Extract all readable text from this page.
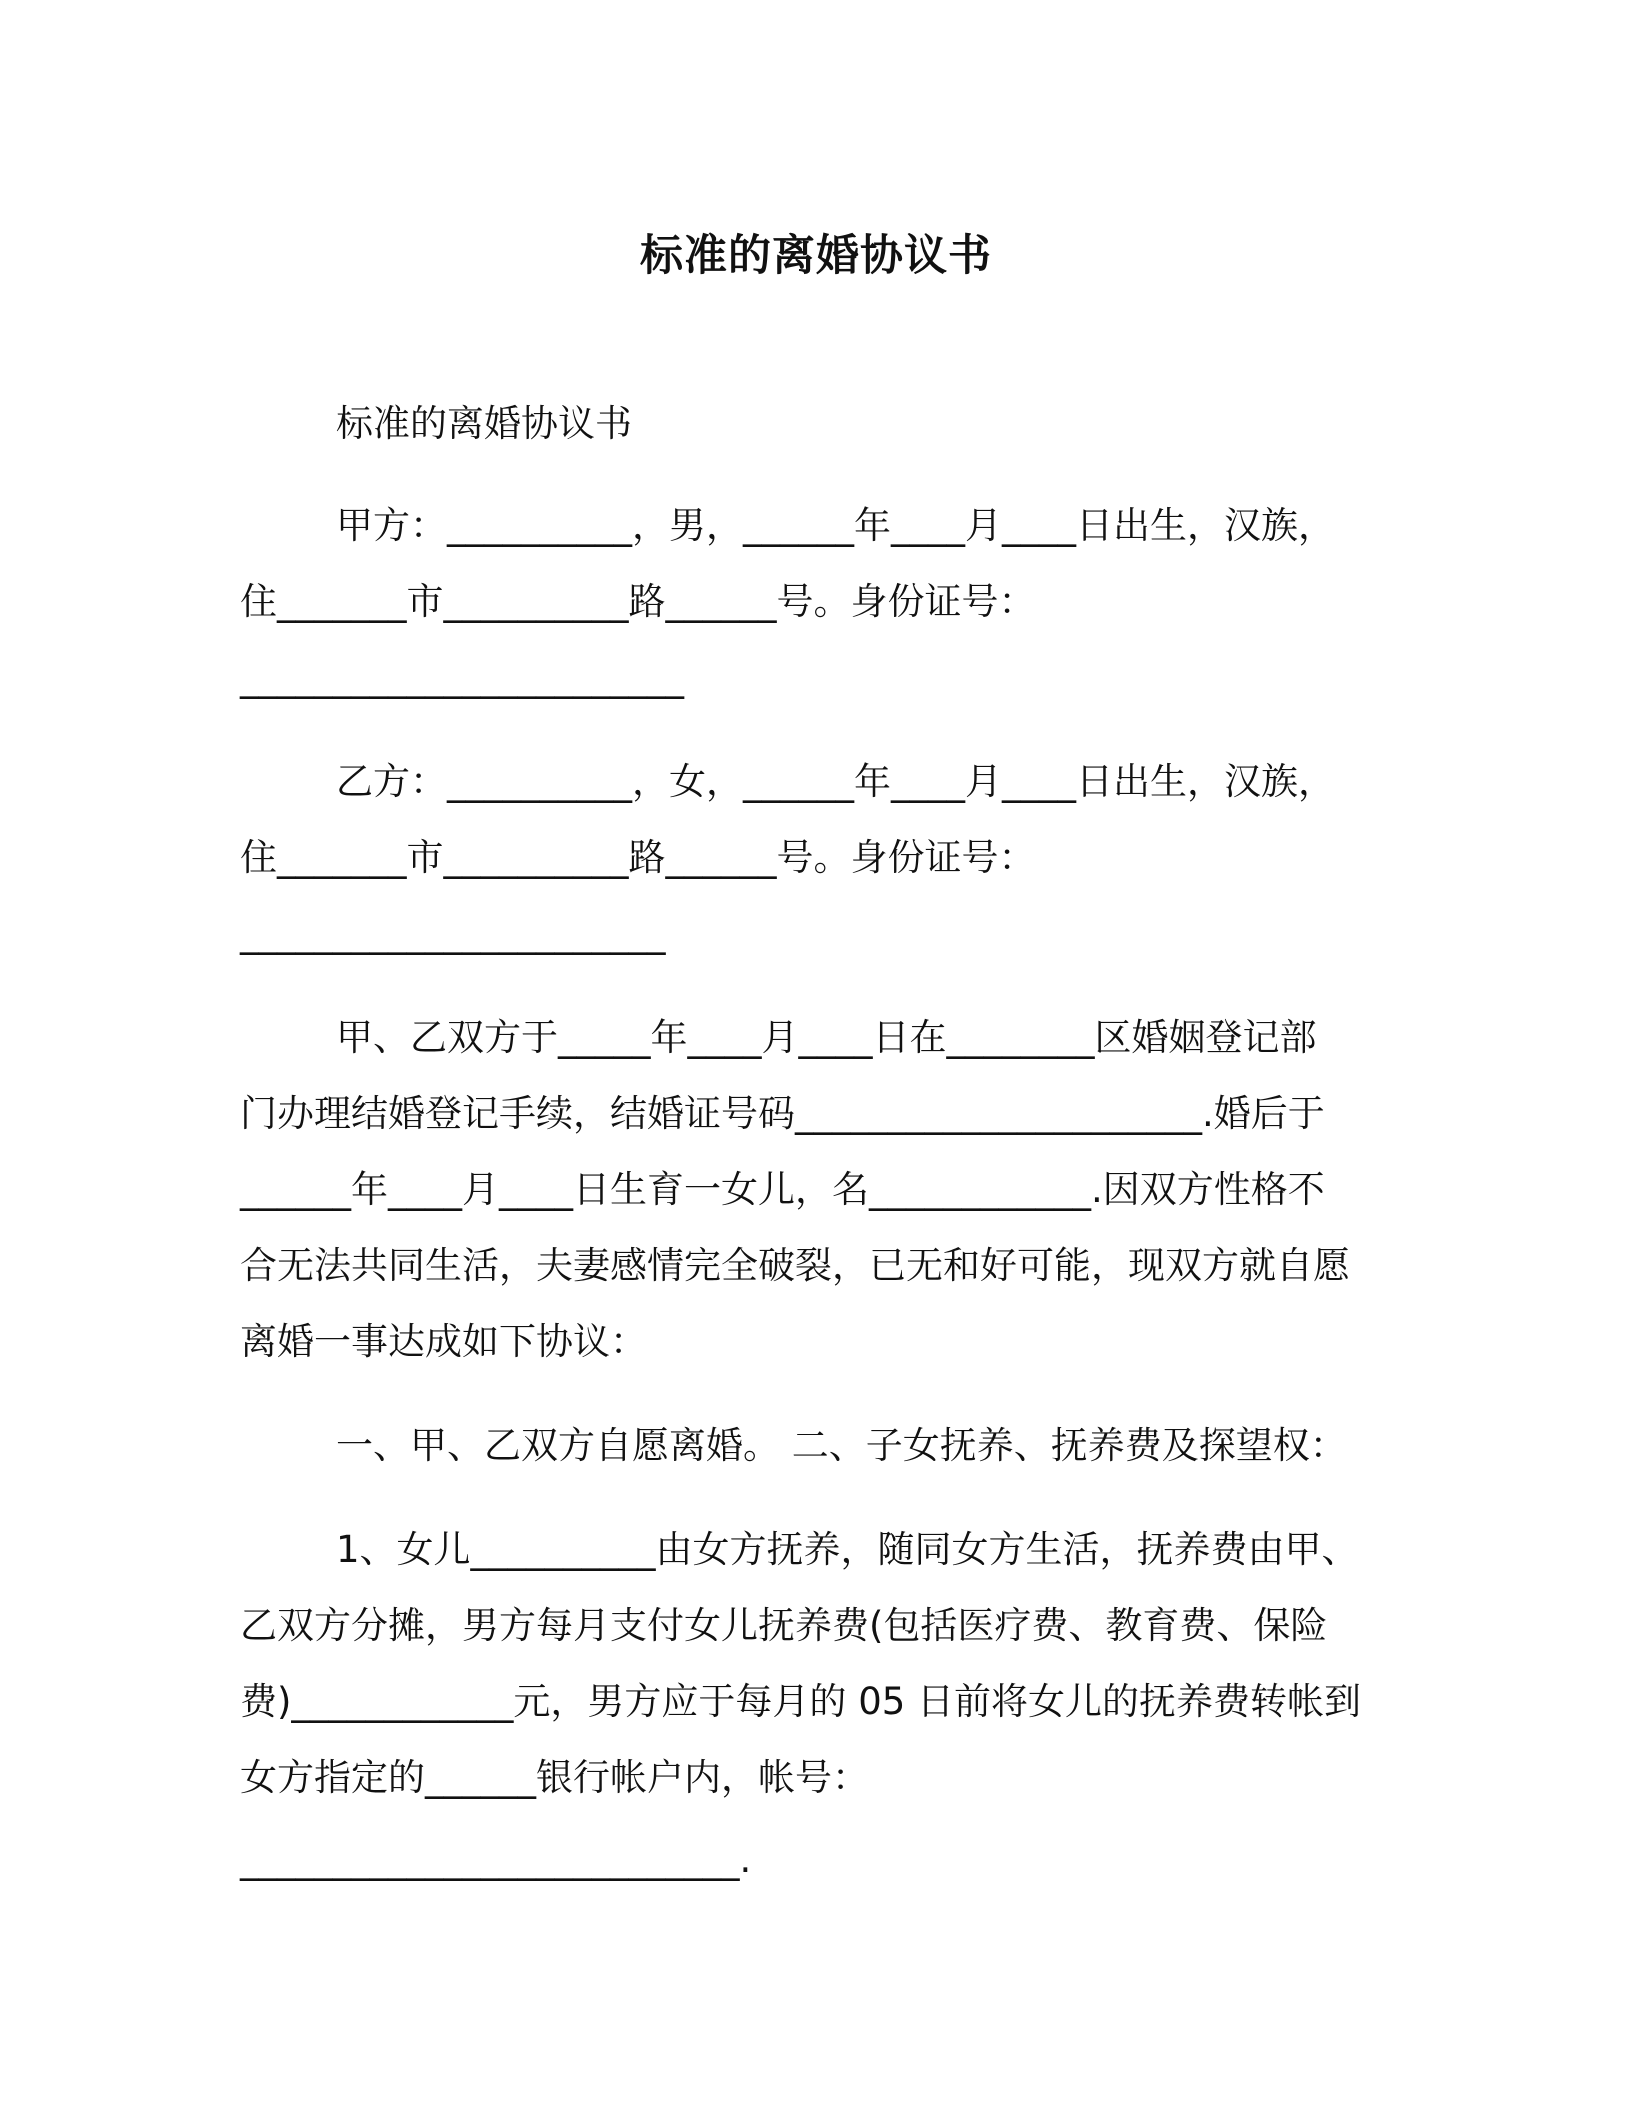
标准的离婚协议书
标准的离婚协议书
甲方：__________，男，______年____月____日出生，汉族，
住_______市__________路______号。身份证号：
________________________
乙方：__________，女，______年____月____日出生，汉族，
住_______市__________路______号。身份证号：
_______________________
甲、乙双方于_____年____月____日在________区婚姻登记部
门办理结婚登记手续，结婚证号码______________________.婚后于
______年____月____日生育一女儿，名____________.因双方性格不
合无法共同生活，夫妻感情完全破裂，已无和好可能，现双方就自愿
离婚一事达成如下协议：
一、甲、乙双方自愿离婚。 二、子女抚养、抚养费及探望权：
1、女儿__________由女方抚养，随同女方生活，抚养费由甲、
乙双方分摊，男方每月支付女儿抚养费(包括医疗费、教育费、保险
费)____________元，男方应于每月的 05 日前将女儿的抚养费转帐到
女方指定的______银行帐户内，帐号：
___________________________.
